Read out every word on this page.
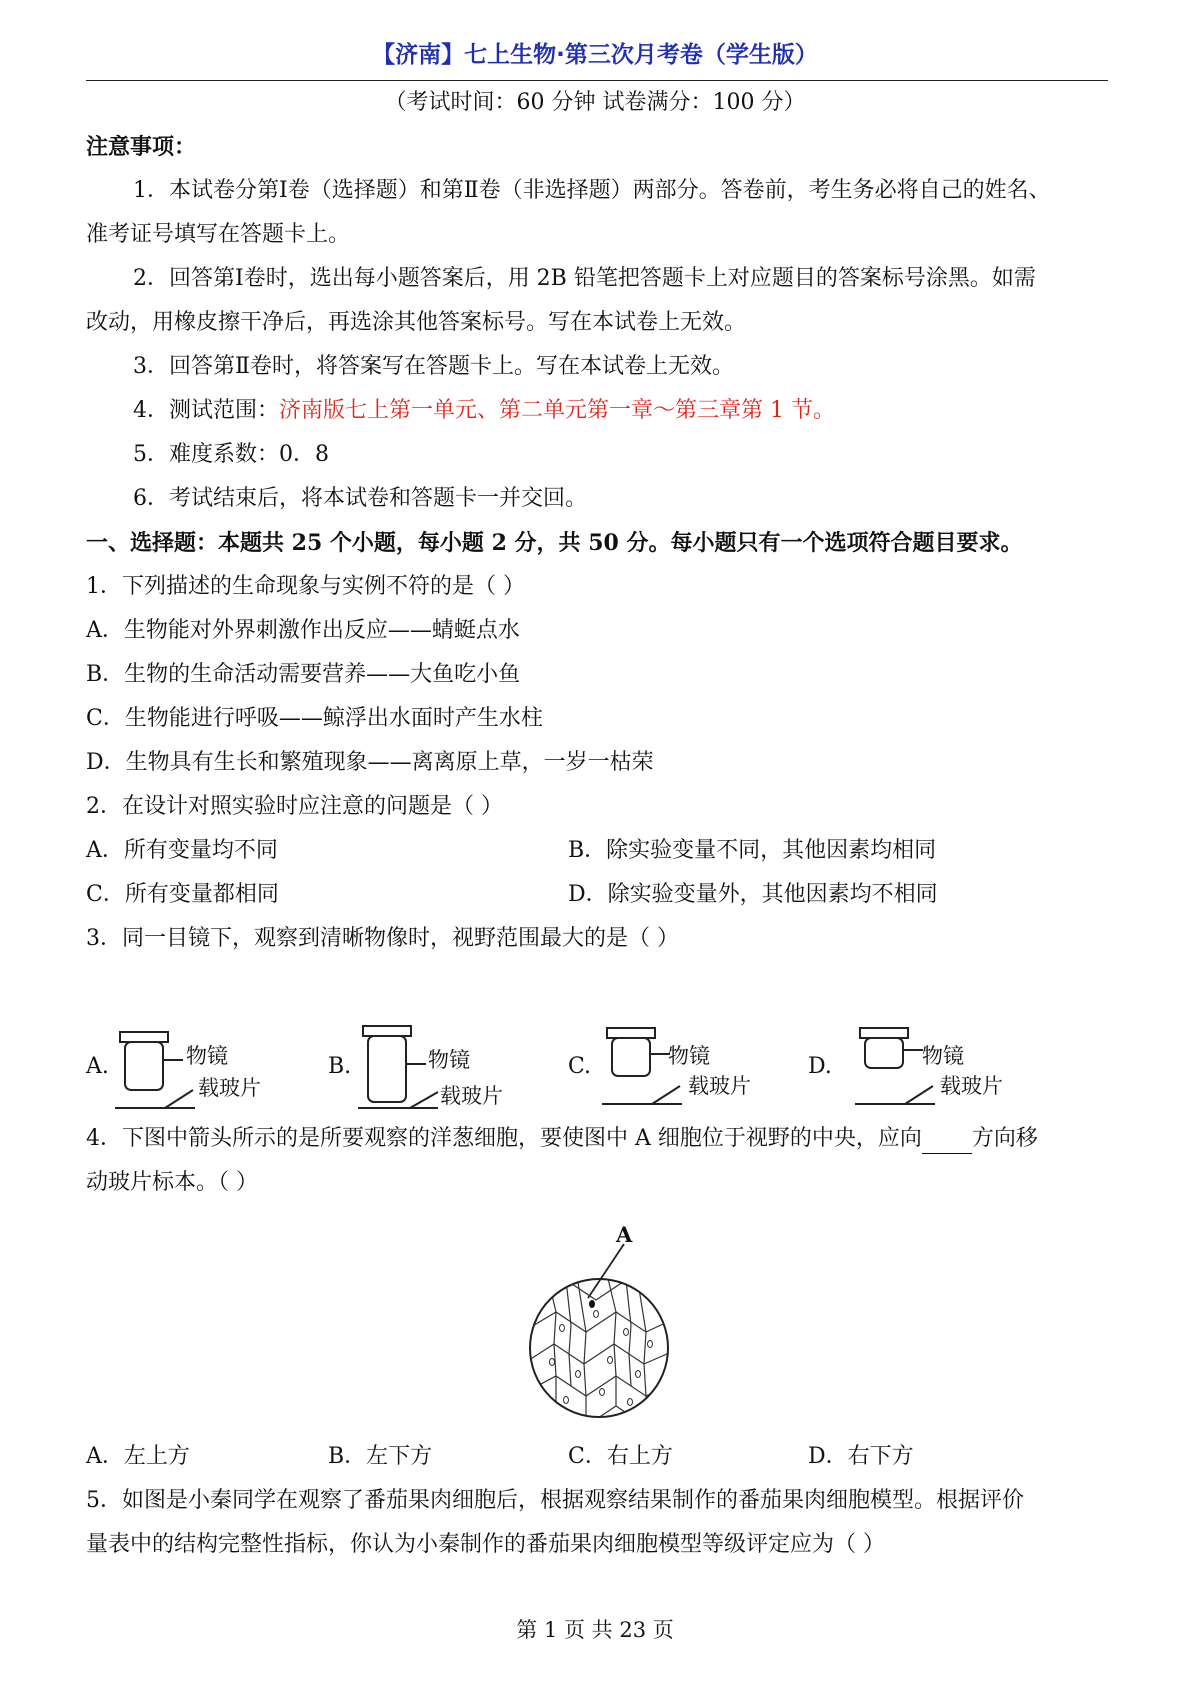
【济南】七上生物·第三次月考卷（学生版）
（考试时间：60 分钟 试卷满分：100 分）
注意事项：
1．本试卷分第Ⅰ卷（选择题）和第Ⅱ卷（非选择题）两部分。答卷前，考生务必将自己的姓名、
准考证号填写在答题卡上。
2．回答第Ⅰ卷时，选出每小题答案后，用 2B 铅笔把答题卡上对应题目的答案标号涂黑。如需
改动，用橡皮擦干净后，再选涂其他答案标号。写在本试卷上无效。
3．回答第Ⅱ卷时，将答案写在答题卡上。写在本试卷上无效。
4．测试范围：济南版七上第一单元、第二单元第一章～第三章第 1 节。
5．难度系数：0．8
6．考试结束后，将本试卷和答题卡一并交回。
一、选择题：本题共 25 个小题，每小题 2 分，共 50 分。每小题只有一个选项符合题目要求。
1．下列描述的生命现象与实例不符的是（ ）
A．生物能对外界刺激作出反应——蜻蜓点水
B．生物的生命活动需要营养——大鱼吃小鱼
C．生物能进行呼吸——鲸浮出水面时产生水柱
D．生物具有生长和繁殖现象——离离原上草，一岁一枯荣
2．在设计对照实验时应注意的问题是（ ）
A．所有变量均不同	B．除实验变量不同，其他因素均相同
C．所有变量都相同	D．除实验变量外，其他因素均不相同
3．同一目镜下，观察到清晰物像时，视野范围最大的是（ ）
A.	物镜
载玻片
B.	物镜
载玻片
C.	物镜
载玻片
D.	物镜
载玻片
4．下图中箭头所示的是所要观察的洋葱细胞，要使图中 A 细胞位于视野的中央，应向 方向移
动玻片标本。（ ）
A
A．左上方	B．左下方	C．右上方	D．右下方
5．如图是小秦同学在观察了番茄果肉细胞后，根据观察结果制作的番茄果肉细胞模型。根据评价
量表中的结构完整性指标，你认为小秦制作的番茄果肉细胞模型等级评定应为（ ）
第 1 页 共 23 页
